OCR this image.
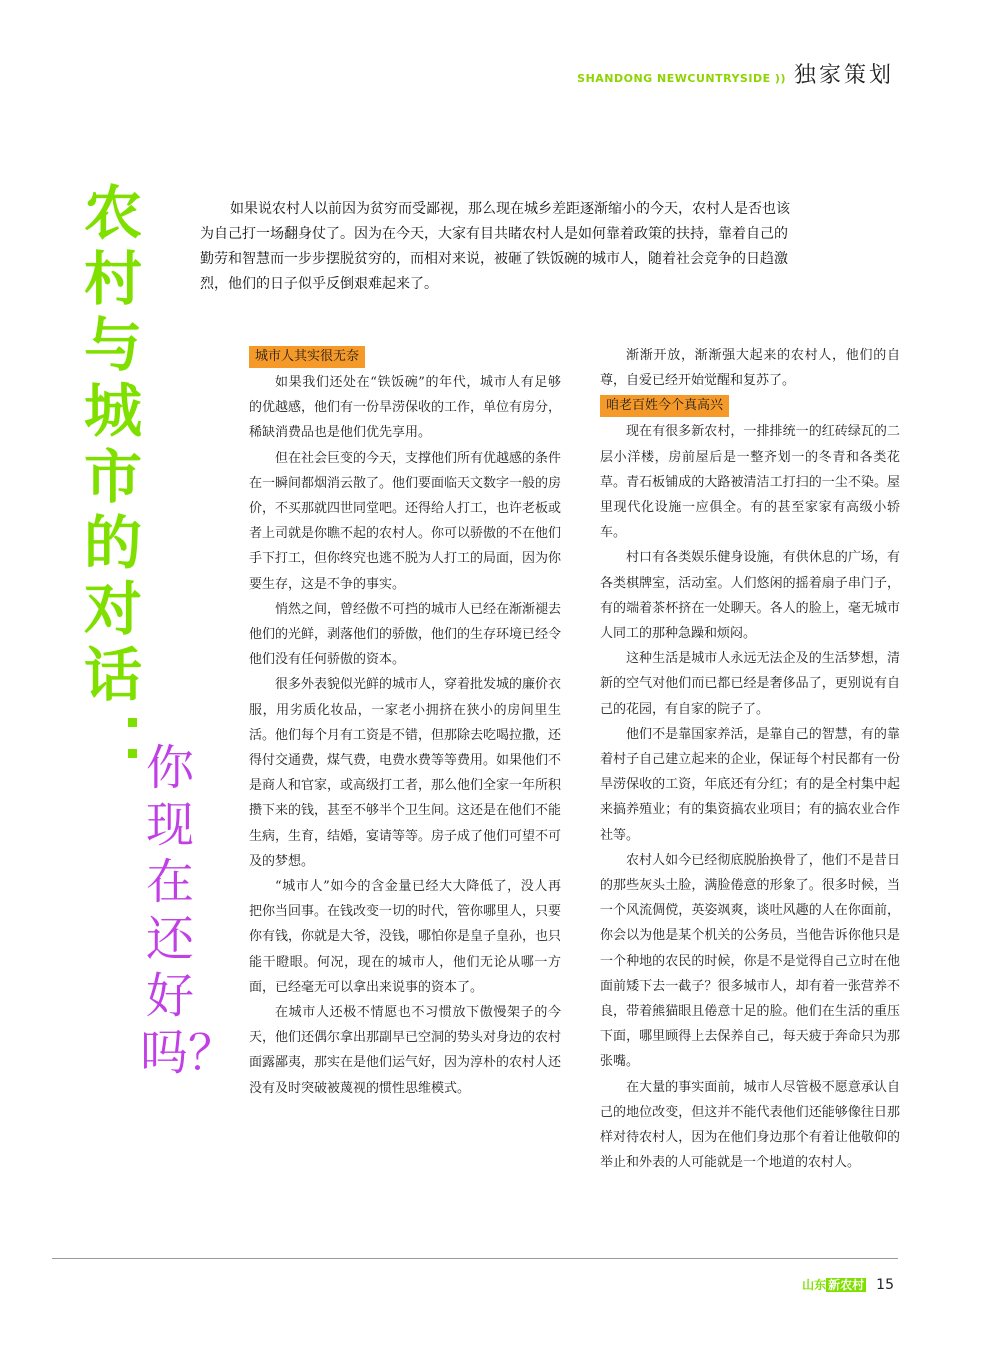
SHANDONG NEWCUNTRYSIDE )) 独家策划
农村与城市的对话
你现在还好吗？

如果说农村人以前因为贫穷而受鄙视，那么现在城乡差距逐渐缩小的今天，农村人是否也该为自己打一场翻身仗了。因为在今天，大家有目共睹农村人是如何靠着政策的扶持，靠着自己的勤劳和智慧而一步步摆脱贫穷的，而相对来说，被砸了铁饭碗的城市人，随着社会竞争的日趋激烈，他们的日子似乎反倒艰难起来了。

城市人其实很无奈

如果我们还处在“铁饭碗”的年代，城市人有足够的优越感，他们有一份旱涝保收的工作，单位有房分，稀缺消费品也是他们优先享用。

但在社会巨变的今天，支撑他们所有优越感的条件在一瞬间都烟消云散了。他们要面临天文数字一般的房价，不买那就四世同堂吧。还得给人打工，也许老板或者上司就是你瞧不起的农村人。你可以骄傲的不在他们手下打工，但你终究也逃不脱为人打工的局面，因为你要生存，这是不争的事实。

悄然之间，曾经傲不可挡的城市人已经在渐渐褪去他们的光鲜，剥落他们的骄傲，他们的生存环境已经令他们没有任何骄傲的资本。

很多外表貌似光鲜的城市人，穿着批发城的廉价衣服，用劣质化妆品，一家老小拥挤在狭小的房间里生活。他们每个月有工资是不错，但那除去吃喝拉撒，还得付交通费，煤气费，电费水费等等费用。如果他们不是商人和官家，或高级打工者，那么他们全家一年所积攒下来的钱，甚至不够半个卫生间。这还是在他们不能生病，生育，结婚，宴请等等。房子成了他们可望不可及的梦想。

“城市人”如今的含金量已经大大降低了，没人再把你当回事。在钱改变一切的时代，管你哪里人，只要你有钱，你就是大爷，没钱，哪怕你是皇子皇孙，也只能干瞪眼。何况，现在的城市人，他们无论从哪一方面，已经毫无可以拿出来说事的资本了。

在城市人还极不情愿也不习惯放下傲慢架子的今天，他们还偶尔拿出那副早已空洞的势头对身边的农村面露鄙夷，那实在是他们运气好，因为淳朴的农村人还没有及时突破被蔑视的惯性思维模式。

渐渐开放，渐渐强大起来的农村人，他们的自尊，自爱已经开始觉醒和复苏了。

咱老百姓今个真高兴

现在有很多新农村，一排排统一的红砖绿瓦的二层小洋楼，房前屋后是一整齐划一的冬青和各类花草。青石板铺成的大路被清洁工打扫的一尘不染。屋里现代化设施一应俱全。有的甚至家家有高级小轿车。

村口有各类娱乐健身设施，有供休息的广场，有各类棋牌室，活动室。人们悠闲的摇着扇子串门子，有的端着茶杯挤在一处聊天。各人的脸上，毫无城市人同工的那种急躁和烦闷。

这种生活是城市人永远无法企及的生活梦想，清新的空气对他们而已都已经是奢侈品了，更别说有自己的花园，有自家的院子了。

他们不是靠国家养活，是靠自己的智慧，有的靠着村子自己建立起来的企业，保证每个村民都有一份旱涝保收的工资，年底还有分红；有的是全村集中起来搞养殖业；有的集资搞农业项目；有的搞农业合作社等。

农村人如今已经彻底脱胎换骨了，他们不是昔日的那些灰头土脸，满脸倦意的形象了。很多时候，当一个风流倜傥，英姿飒爽，谈吐风趣的人在你面前，你会以为他是某个机关的公务员，当他告诉你他只是一个种地的农民的时候，你是不是觉得自己立时在他面前矮下去一截子？很多城市人，却有着一张营养不良，带着熊猫眼且倦意十足的脸。他们在生活的重压下面，哪里顾得上去保养自己，每天疲于奔命只为那张嘴。

在大量的事实面前，城市人尽管极不愿意承认自己的地位改变，但这并不能代表他们还能够像往日那样对待农村人，因为在他们身边那个有着让他敬仰的举止和外表的人可能就是一个地道的农村人。

山东 新农村 15
